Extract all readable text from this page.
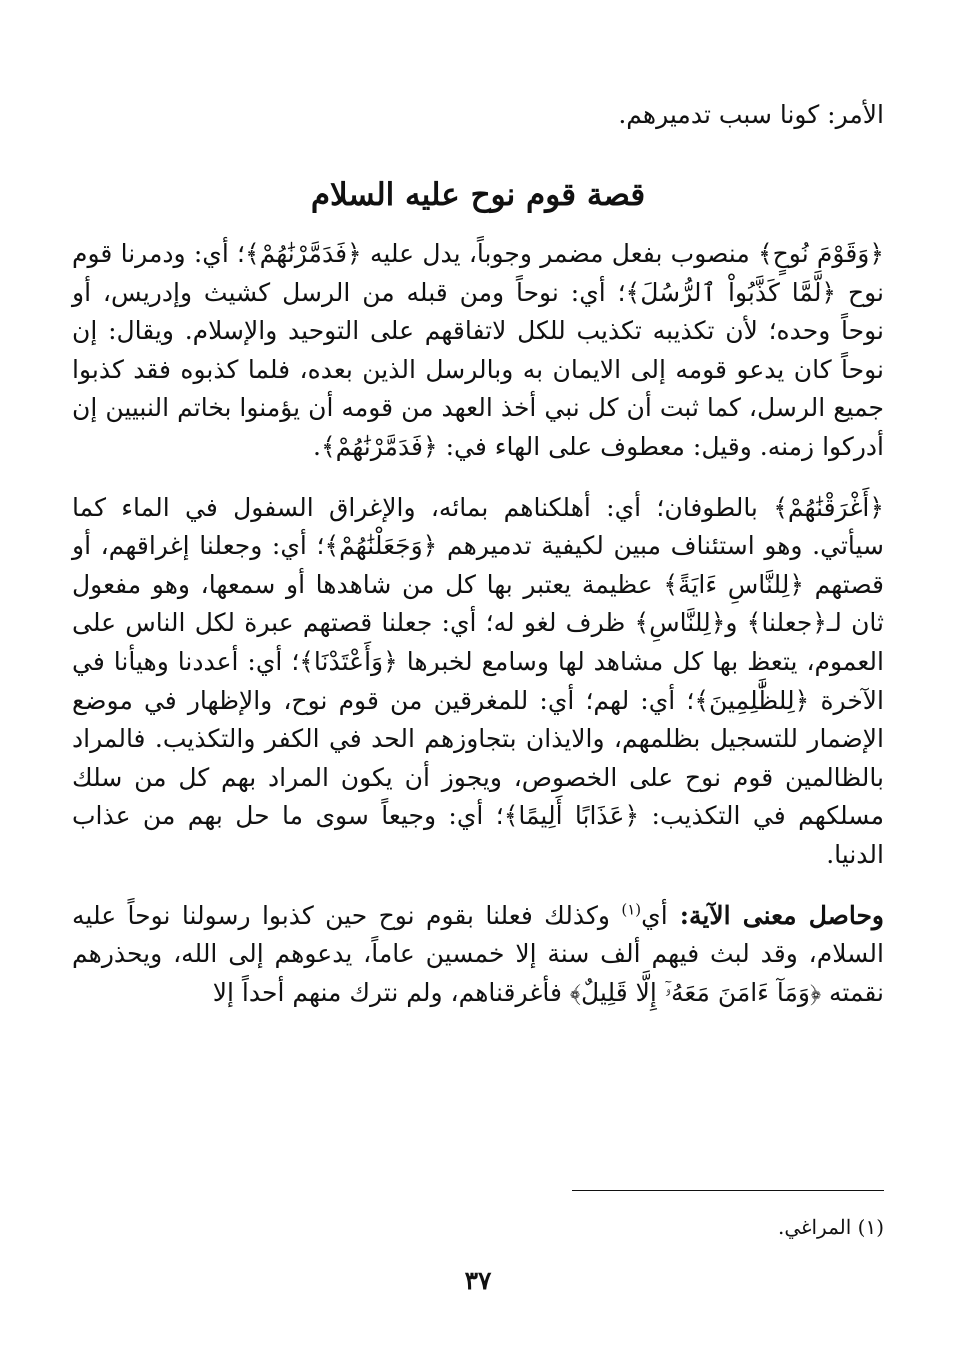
الأمر: كونا سبب تدميرهم.

قصة قوم نوح عليه السلام

﴿وَقَوْمَ نُوحٍ﴾ منصوب بفعل مضمر وجوباً، يدل عليه ﴿فَدَمَّرْنَٰهُمْ﴾؛ أي: ودمرنا قوم نوح ﴿لَّمَّا كَذَّبُواْ ٱلرُّسُلَ﴾؛ أي: نوحاً ومن قبله من الرسل كشيث وإدريس، أو نوحاً وحده؛ لأن تكذيبه تكذيب للكل لاتفاقهم على التوحيد والإسلام. ويقال: إن نوحاً كان يدعو قومه إلى الايمان به وبالرسل الذين بعده، فلما كذبوه فقد كذبوا جميع الرسل، كما ثبت أن كل نبي أخذ العهد من قومه أن يؤمنوا بخاتم النبيين إن أدركوا زمنه. وقيل: معطوف على الهاء في: ﴿فَدَمَّرْنَٰهُمْ﴾.

﴿أَغْرَقْنَٰهُمْ﴾ بالطوفان؛ أي: أهلكناهم بمائه، والإغراق السفول في الماء كما سيأتي. وهو استئناف مبين لكيفية تدميرهم ﴿وَجَعَلْنَٰهُمْ﴾؛ أي: وجعلنا إغراقهم، أو قصتهم ﴿لِلنَّاسِ ءَايَةً﴾ عظيمة يعتبر بها كل من شاهدها أو سمعها، وهو مفعول ثان لـ﴿جعلنا﴾ و﴿لِلنَّاسِ﴾ ظرف لغو له؛ أي: جعلنا قصتهم عبرة لكل الناس على العموم، يتعظ بها كل مشاهد لها وسامع لخبرها ﴿وَأَعْتَدْنَا﴾؛ أي: أعددنا وهيأنا في الآخرة ﴿لِلظَّٰلِمِينَ﴾؛ أي: لهم؛ أي: للمغرقين من قوم نوح، والإظهار في موضع الإضمار للتسجيل بظلمهم، والايذان بتجاوزهم الحد في الكفر والتكذيب. فالمراد بالظالمين قوم نوح على الخصوص، ويجوز أن يكون المراد بهم كل من سلك مسلكهم في التكذيب: ﴿عَذَابًا أَلِيمًا﴾؛ أي: وجيعاً سوى ما حل بهم من عذاب الدنيا.

وحاصل معنى الآية: أي$^{(١)}$ وكذلك فعلنا بقوم نوح حين كذبوا رسولنا نوحاً عليه السلام، وقد لبث فيهم ألف سنة إلا خمسين عاماً، يدعوهم إلى الله، ويحذرهم نقمته ﴿وَمَآ ءَامَنَ مَعَهُۥٓ إِلَّا قَلِيلٌ﴾ فأغرقناهم، ولم نترك منهم أحداً إلا

(١) المراغي.
٣٧
